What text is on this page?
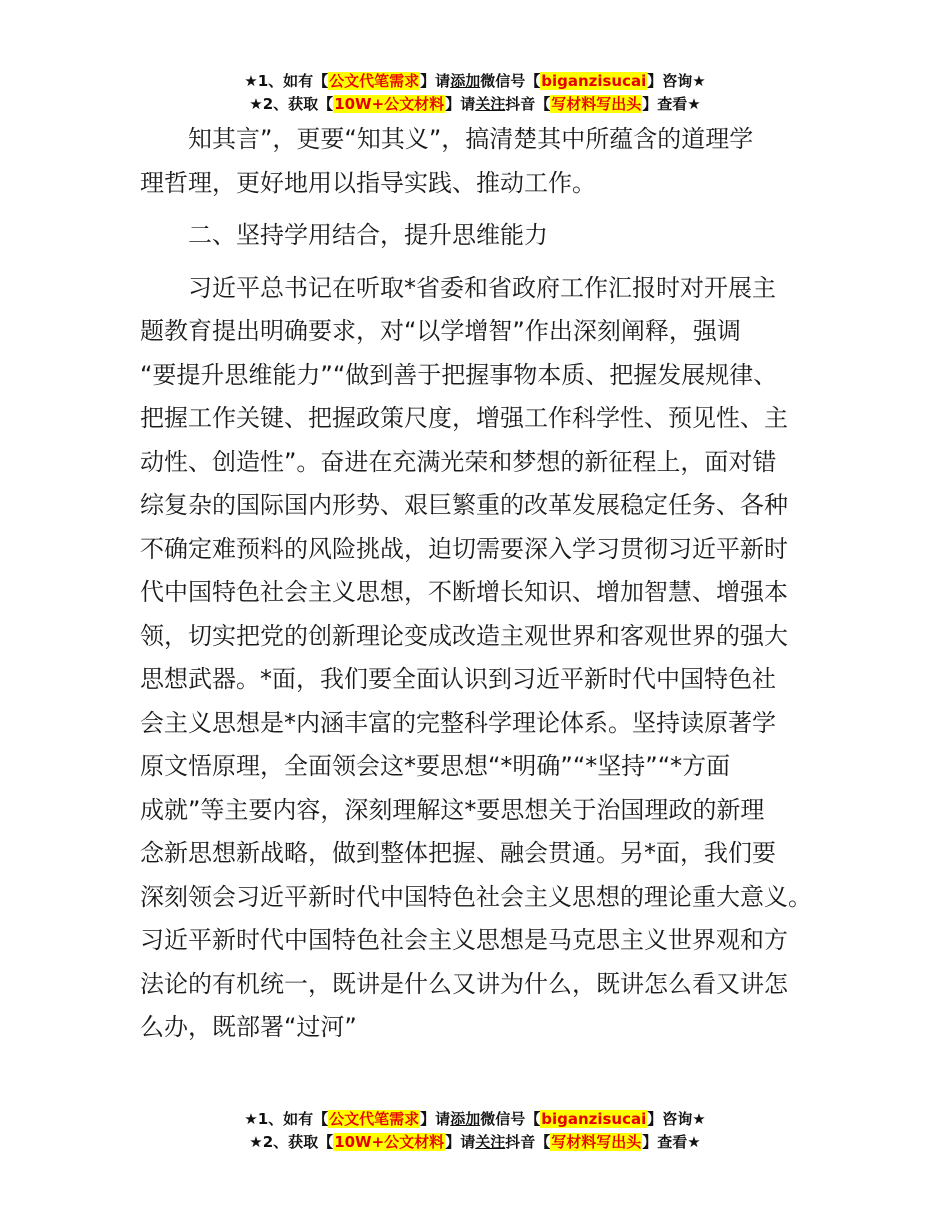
★1、如有【公文代笔需求】请添加微信号【biganzisucai】咨询★
★2、获取【10W+公文材料】请关注抖音【写材料写出头】查看★

知其言”，更要“知其义”，搞清楚其中所蕴含的道理学
理哲理，更好地用以指导实践、推动工作。

二、坚持学用结合，提升思维能力

习近平总书记在听取*省委和省政府工作汇报时对开展主
题教育提出明确要求，对“以学增智”作出深刻阐释，强调
“要提升思维能力”“做到善于把握事物本质、把握发展规律、
把握工作关键、把握政策尺度，增强工作科学性、预见性、主
动性、创造性”。奋进在充满光荣和梦想的新征程上，面对错
综复杂的国际国内形势、艰巨繁重的改革发展稳定任务、各种
不确定难预料的风险挑战，迫切需要深入学习贯彻习近平新时
代中国特色社会主义思想，不断增长知识、增加智慧、增强本
领，切实把党的创新理论变成改造主观世界和客观世界的强大
思想武器。*面，我们要全面认识到习近平新时代中国特色社
会主义思想是*内涵丰富的完整科学理论体系。坚持读原著学
原文悟原理，全面领会这*要思想“*明确”“*坚持”“*方面
成就”等主要内容，深刻理解这*要思想关于治国理政的新理
念新思想新战略，做到整体把握、融会贯通。另*面，我们要
深刻领会习近平新时代中国特色社会主义思想的理论重大意义。
习近平新时代中国特色社会主义思想是马克思主义世界观和方
法论的有机统一，既讲是什么又讲为什么，既讲怎么看又讲怎
么办，既部署“过河”

★1、如有【公文代笔需求】请添加微信号【biganzisucai】咨询★
★2、获取【10W+公文材料】请关注抖音【写材料写出头】查看★
